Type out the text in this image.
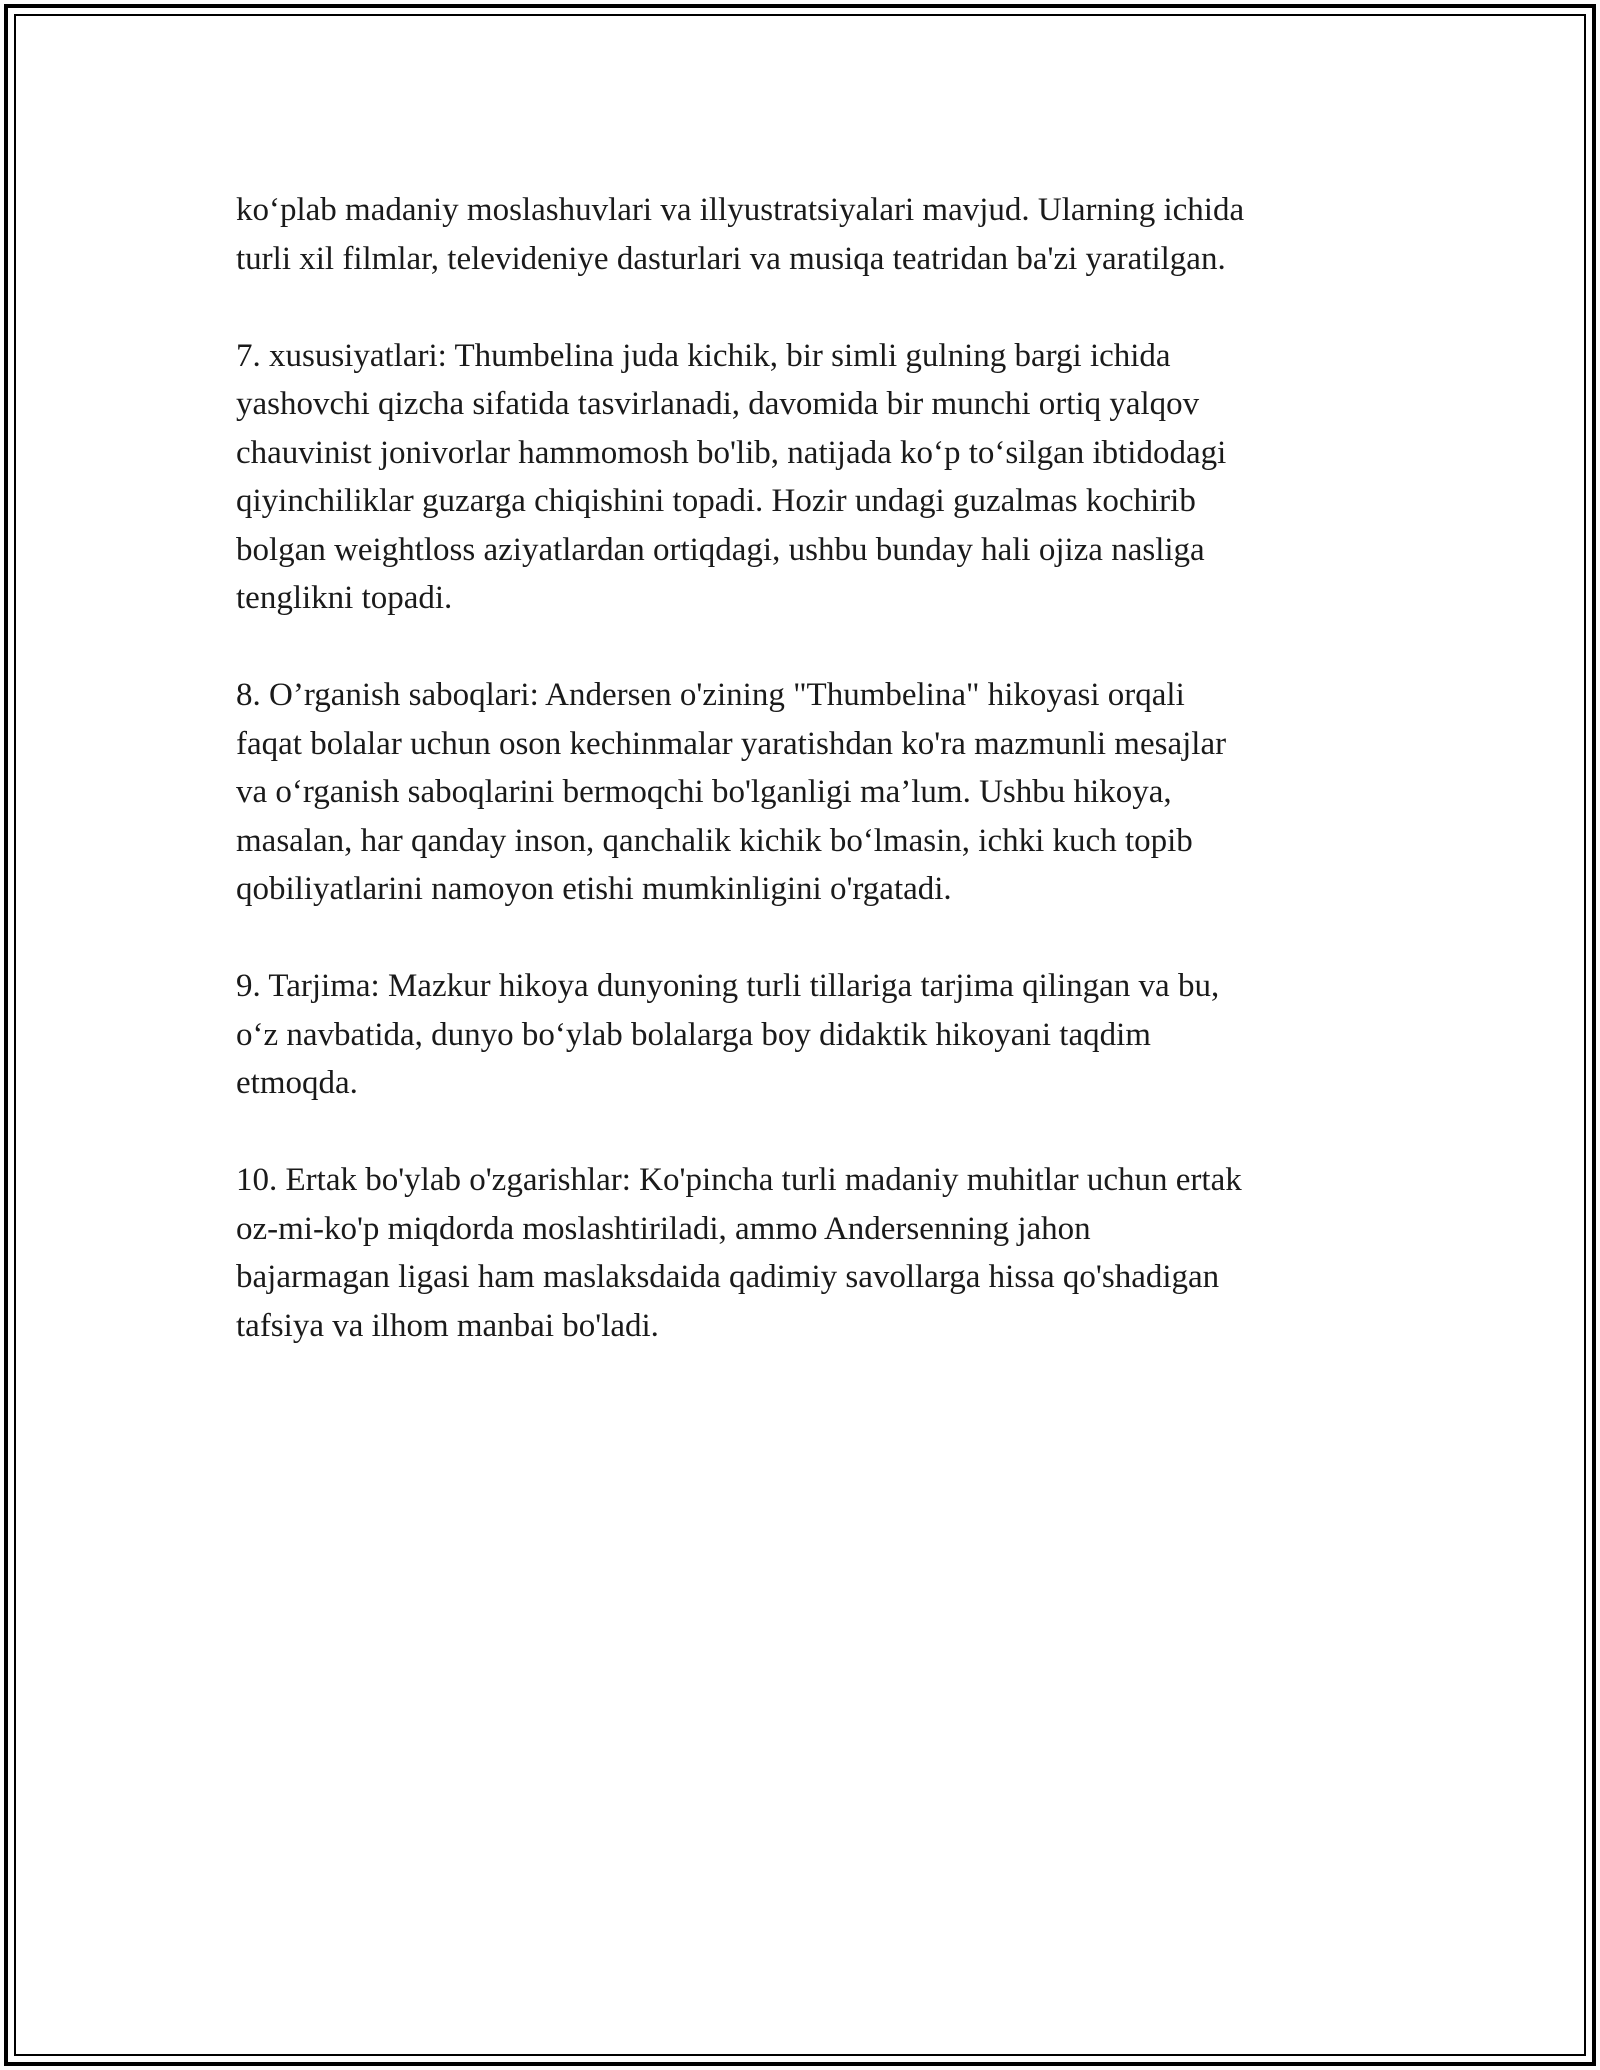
ko‘plab madaniy moslashuvlari va illyustratsiyalari mavjud. Ularning ichida
turli xil filmlar, televideniye dasturlari va musiqa teatridan ba'zi yaratilgan.

7. xususiyatlari: Thumbelina juda kichik, bir simli gulning bargi ichida
yashovchi qizcha sifatida tasvirlanadi, davomida bir munchi ortiq yalqov
chauvinist jonivorlar hammomosh bo'lib, natijada ko‘p to‘silgan ibtidodagi
qiyinchiliklar guzarga chiqishini topadi. Hozir undagi guzalmas kochirib
bolgan weightloss aziyatlardan ortiqdagi, ushbu bunday hali ojiza nasliga
tenglikni topadi.

8. O’rganish saboqlari: Andersen o'zining "Thumbelina" hikoyasi orqali
faqat bolalar uchun oson kechinmalar yaratishdan ko'ra mazmunli mesajlar
va o‘rganish saboqlarini bermoqchi bo'lganligi ma’lum. Ushbu hikoya,
masalan, har qanday inson, qanchalik kichik bo‘lmasin, ichki kuch topib
qobiliyatlarini namoyon etishi mumkinligini o'rgatadi.

9. Tarjima: Mazkur hikoya dunyoning turli tillariga tarjima qilingan va bu,
o‘z navbatida, dunyo bo‘ylab bolalarga boy didaktik hikoyani taqdim
etmoqda.

10. Ertak bo'ylab o'zgarishlar: Ko'pincha turli madaniy muhitlar uchun ertak
oz-mi-ko'p miqdorda moslashtiriladi, ammo Andersenning jahon
bajarmagan ligasi ham maslaksdaida qadimiy savollarga hissa qo'shadigan
tafsiya va ilhom manbai bo'ladi.
